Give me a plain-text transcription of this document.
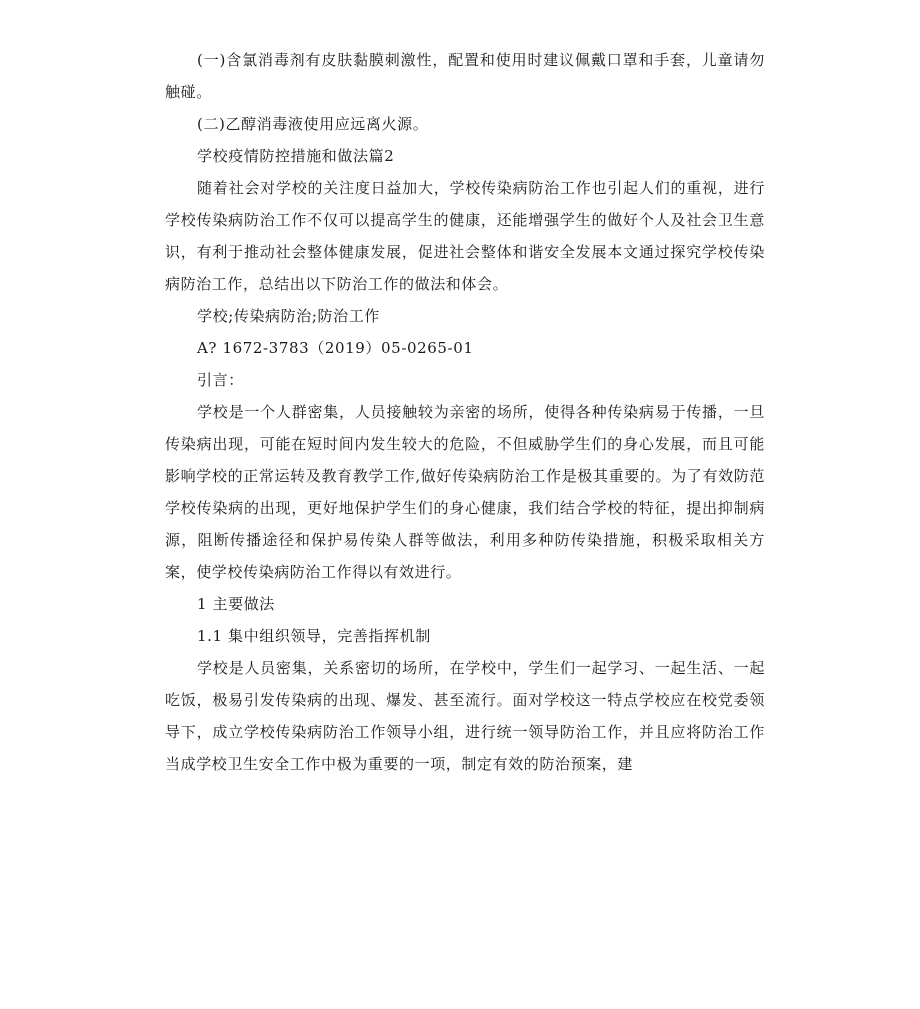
(一)含氯消毒剂有皮肤黏膜刺激性，配置和使用时建议佩戴口罩和手套，儿童请勿触碰。

(二)乙醇消毒液使用应远离火源。

学校疫情防控措施和做法篇2

随着社会对学校的关注度日益加大，学校传染病防治工作也引起人们的重视，进行学校传染病防治工作不仅可以提高学生的健康，还能增强学生的做好个人及社会卫生意识，有利于推动社会整体健康发展，促进社会整体和谐安全发展本文通过探究学校传染病防治工作，总结出以下防治工作的做法和体会。

学校;传染病防治;防治工作

A? 1672-3783（2019）05-0265-01

引言：

学校是一个人群密集，人员接触较为亲密的场所，使得各种传染病易于传播，一旦传染病出现，可能在短时间内发生较大的危险，不但威胁学生们的身心发展，而且可能影响学校的正常运转及教育教学工作,做好传染病防治工作是极其重要的。为了有效防范学校传染病的出现，更好地保护学生们的身心健康，我们结合学校的特征，提出抑制病源，阻断传播途径和保护易传染人群等做法，利用多种防传染措施，积极采取相关方案，使学校传染病防治工作得以有效进行。

1 主要做法

1.1 集中组织领导，完善指挥机制

学校是人员密集，关系密切的场所，在学校中，学生们一起学习、一起生活、一起吃饭，极易引发传染病的出现、爆发、甚至流行。面对学校这一特点学校应在校党委领导下，成立学校传染病防治工作领导小组，进行统一领导防治工作，并且应将防治工作当成学校卫生安全工作中极为重要的一项，制定有效的防治预案，建
